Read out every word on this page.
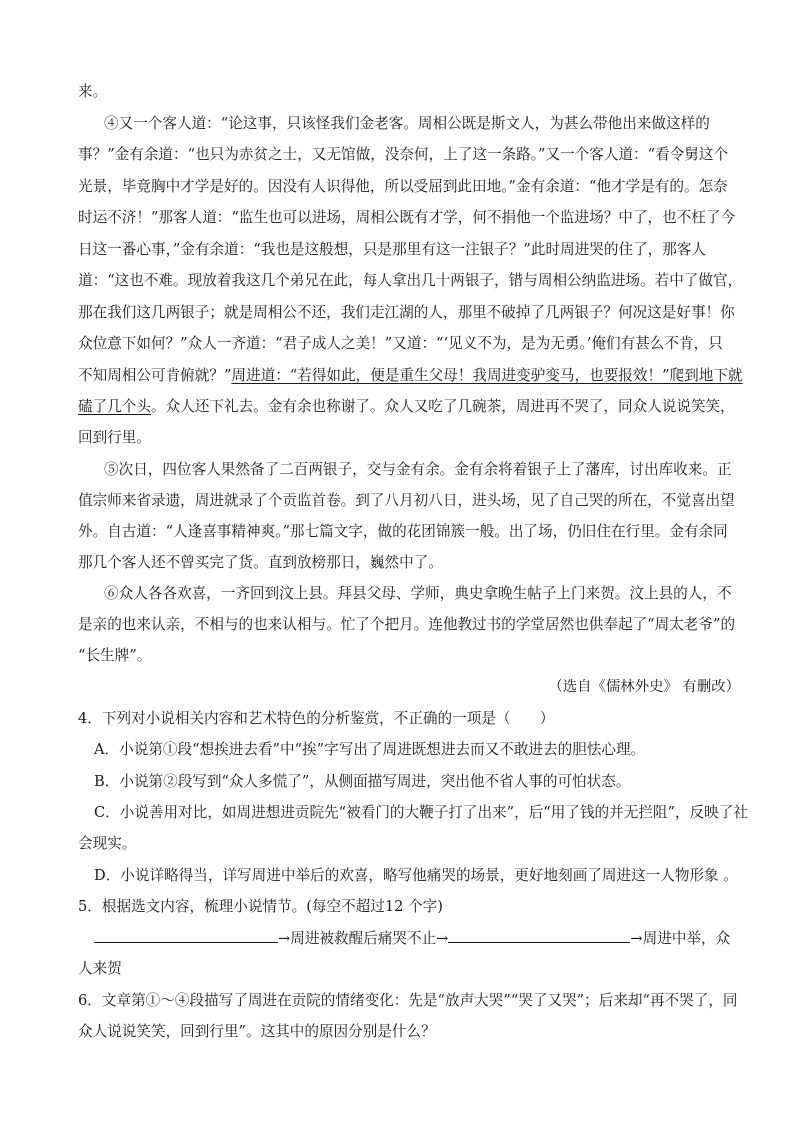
来。
④又一个客人道：“论这事，只该怪我们金老客。周相公既是斯文人，为甚么带他出来做这样的
事？”金有余道：“也只为赤贫之士，又无馆做，没奈何，上了这一条路。”又一个客人道：“看令舅这个
光景，毕竟胸中才学是好的。因没有人识得他，所以受屈到此田地。”金有余道：“他才学是有的。怎奈
时运不济！”那客人道：“监生也可以进场，周相公既有才学，何不捐他一个监进场？中了，也不枉了今
日这一番心事，”金有余道：“我也是这般想，只是那里有这一注银子？”此时周进哭的住了，那客人
道：“这也不难。现放着我这几个弟兄在此，每人拿出几十两银子，错与周相公纳监进场。若中了做官，
那在我们这几两银子；就是周相公不还，我们走江湖的人，那里不破掉了几两银子？何况这是好事！你
众位意下如何？”众人一齐道：“君子成人之美！”又道：“‘见义不为，是为无勇。’俺们有甚么不肯，只
不知周相公可肯俯就？”周进道：“若得如此，便是重生父母！我周进变驴变马，也要报效！”爬到地下就
磕了几个头。众人还下礼去。金有余也称谢了。众人又吃了几碗茶，周进再不哭了，同众人说说笑笑，
回到行里。
⑤次日，四位客人果然备了二百两银子，交与金有余。金有余将着银子上了藩库，讨出库收来。正
值宗师来省录遗，周进就录了个贡监首卷。到了八月初八日，进头场，见了自己哭的所在，不觉喜出望
外。自古道：“人逢喜事精神爽。”那七篇文字，做的花团锦簇一般。出了场，仍旧住在行里。金有余同
那几个客人还不曾买完了货。直到放榜那日，巍然中了。
⑥众人各各欢喜，一齐回到汶上县。拜县父母、学师，典史拿晚生帖子上门来贺。汶上县的人，不
是亲的也来认亲，不相与的也来认相与。忙了个把月。连他教过书的学堂居然也供奉起了“周太老爷”的
“长生牌”。
（选自《儒林外史》 有删改）
4．下列对小说相关内容和艺术特色的分析鉴赏，不正确的一项是（　　）
A．小说第①段“想挨进去看”中“挨”字写出了周进既想进去而又不敢进去的胆怯心理。
B．小说第②段写到“众人多慌了”，从侧面描写周进，突出他不省人事的可怕状态。
C．小说善用对比，如周进想进贡院先“被看门的大鞭子打了出来”，后“用了钱的并无拦阻”，反映了社
会现实。
D．小说详略得当，详写周进中举后的欢喜，略写他痛哭的场景，更好地刻画了周进这一人物形象 。
5．根据选文内容，梳理小说情节。(每空不超过12 个字)
→周进被救醒后痛哭不止→	→周进中举，众
人来贺
6．文章第①～④段描写了周进在贡院的情绪变化：先是“放声大哭”“哭了又哭”；后来却“再不哭了，同
众人说说笑笑，回到行里”。这其中的原因分别是什么？
